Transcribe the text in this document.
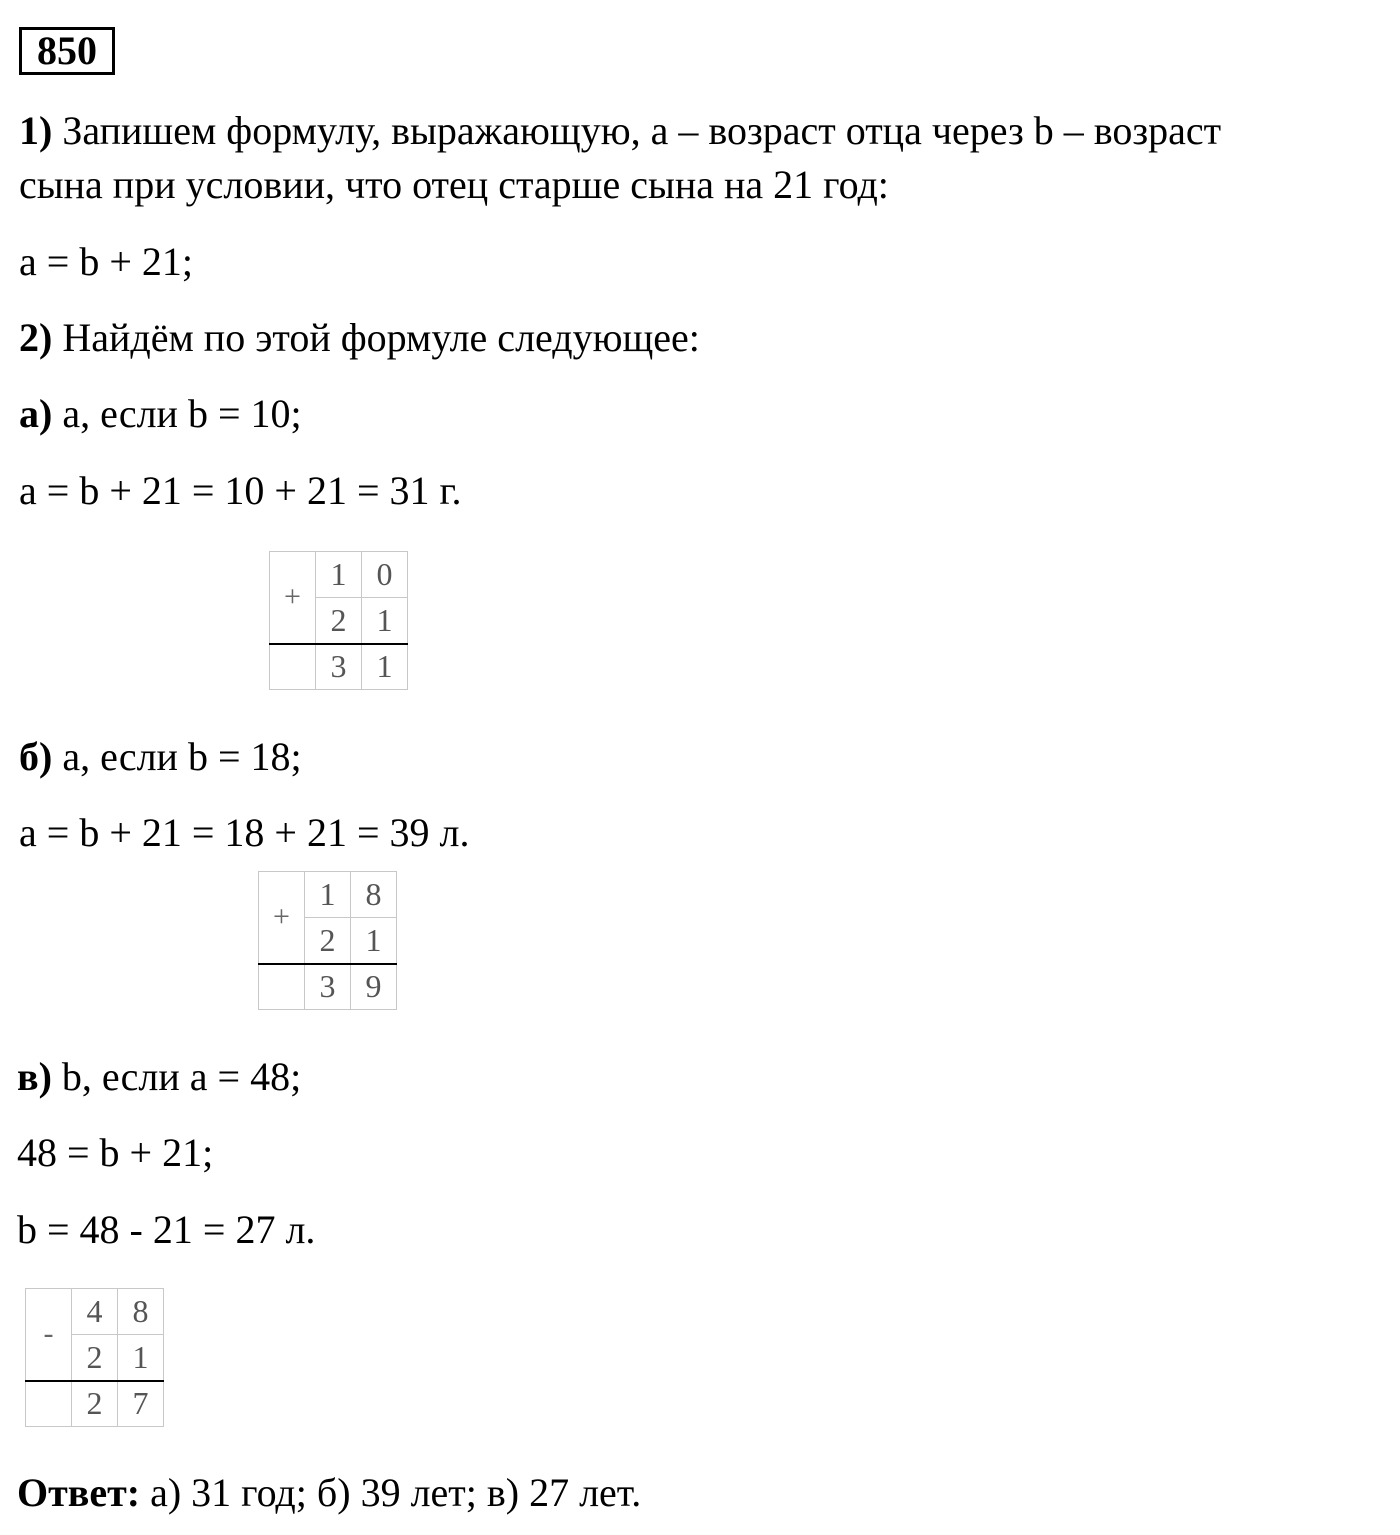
850
1) Запишем формулу, выражающую, a – возраст отца через b – возраст
сына при условии, что отец старше сына на 21 год:
a = b + 21;
2) Найдём по этой формуле следующее:
а) a, если b = 10;
a = b + 21 = 10 + 21 = 31 г.
+	1	0
	2	1
	3	1
б) a, если b = 18;
a = b + 21 = 18 + 21 = 39 л.
+	1	8
	2	1
	3	9
в) b, если a = 48;
48 = b + 21;
b = 48 - 21 = 27 л.
-	4	8
	2	1
	2	7
Ответ: а) 31 год; б) 39 лет; в) 27 лет.
